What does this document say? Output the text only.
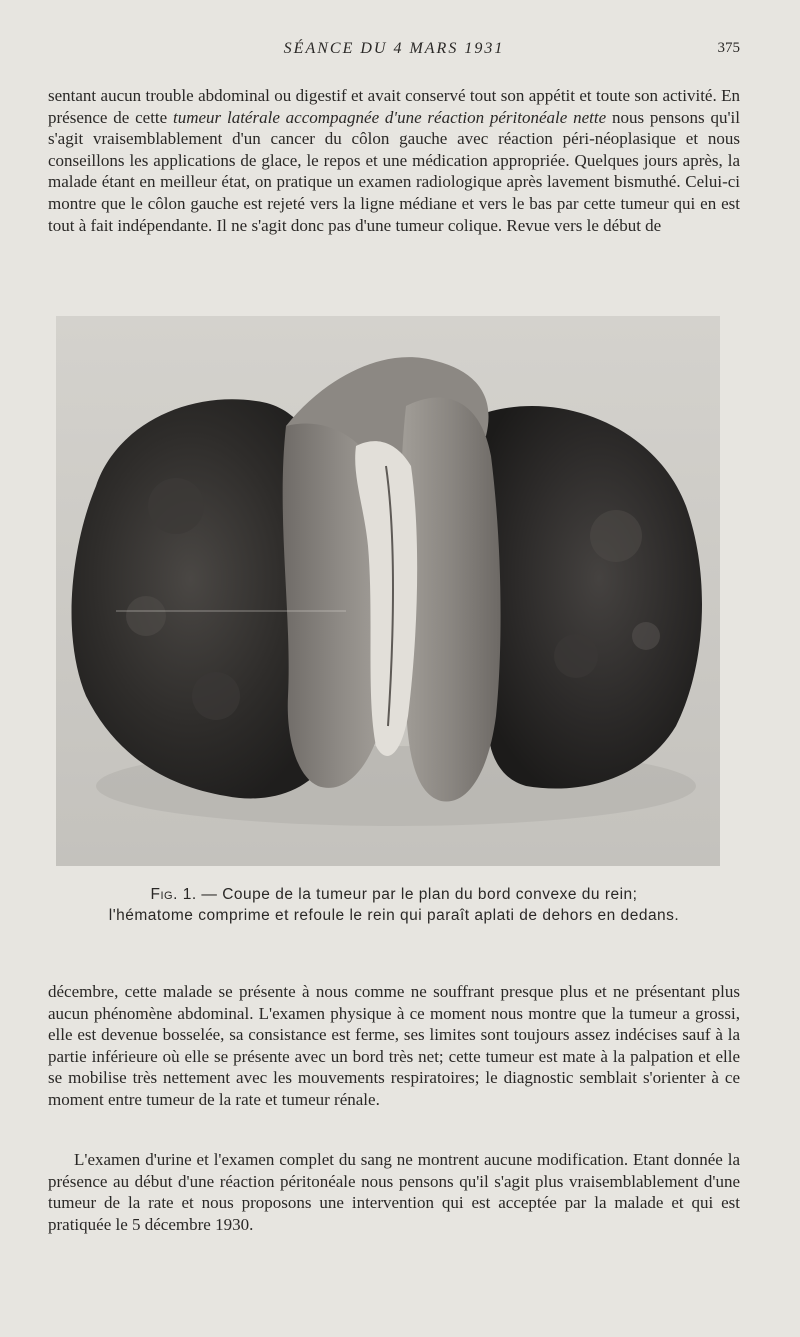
SÉANCE DU 4 MARS 1931	375

sentant aucun trouble abdominal ou digestif et avait conservé tout son appétit et toute son activité. En présence de cette tumeur latérale accompagnée d'une réaction péritonéale nette nous pensons qu'il s'agit vraisemblablement d'un cancer du côlon gauche avec réaction péri-néoplasique et nous conseillons les applications de glace, le repos et une médication appropriée. Quelques jours après, la malade étant en meilleur état, on pratique un examen radiologique après lavement bismuthé. Celui-ci montre que le côlon gauche est rejeté vers la ligne médiane et vers le bas par cette tumeur qui en est tout à fait indépendante. Il ne s'agit donc pas d'une tumeur colique. Revue vers le début de

Fig. 1. — Coupe de la tumeur par le plan du bord convexe du rein;
l'hématome comprime et refoule le rein qui paraît aplati de dehors en dedans.

décembre, cette malade se présente à nous comme ne souffrant presque plus et ne présentant plus aucun phénomène abdominal. L'examen physique à ce moment nous montre que la tumeur a grossi, elle est devenue bosselée, sa consistance est ferme, ses limites sont toujours assez indécises sauf à la partie inférieure où elle se présente avec un bord très net; cette tumeur est mate à la palpation et elle se mobilise très nettement avec les mouvements respiratoires; le diagnostic semblait s'orienter à ce moment entre tumeur de la rate et tumeur rénale.

L'examen d'urine et l'examen complet du sang ne montrent aucune modification. Etant donnée la présence au début d'une réaction péritonéale nous pensons qu'il s'agit plus vraisemblablement d'une tumeur de la rate et nous proposons une intervention qui est acceptée par la malade et qui est pratiquée le 5 décembre 1930.
